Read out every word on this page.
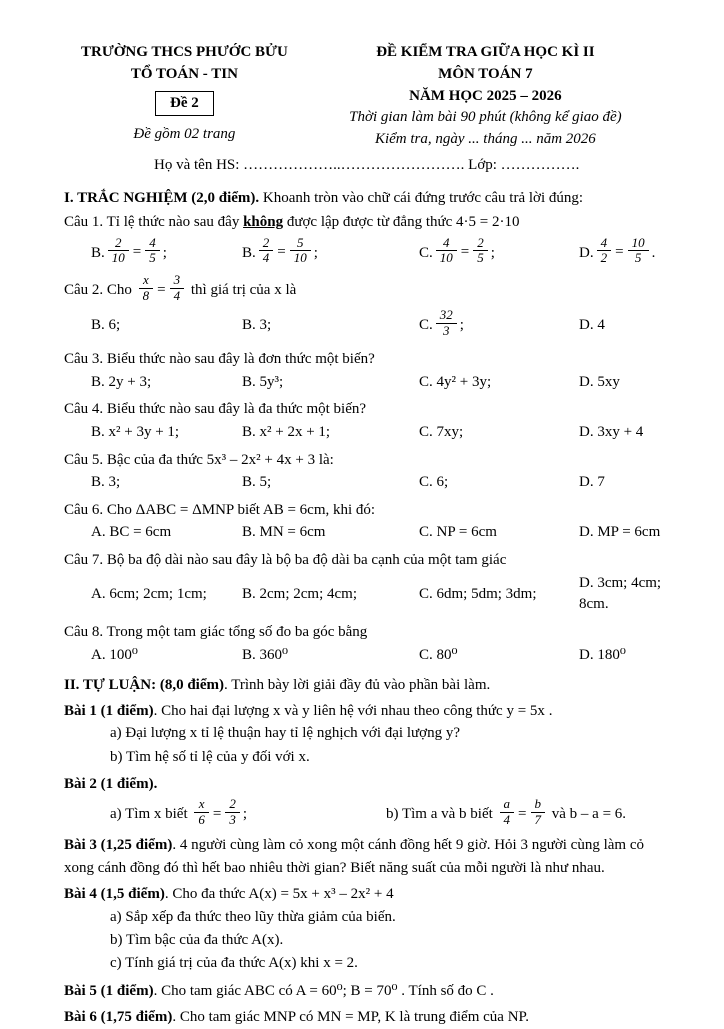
TRƯỜNG THCS PHƯỚC BỬU
TỔ TOÁN - TIN
Đề 2
Đề gồm 02 trang
ĐỀ KIỂM TRA GIỮA HỌC KÌ II
MÔN TOÁN 7
NĂM HỌC 2025 – 2026
Thời gian làm bài 90 phút (không kể giao đề)
Kiểm tra, ngày ... tháng ... năm 2026
Họ và tên HS: ………………..……………………. Lớp: …………….
I. TRẮC NGHIỆM (2,0 điểm). Khoanh tròn vào chữ cái đứng trước câu trả lời đúng:
Câu 1. Tỉ lệ thức nào sau đây không được lập được từ đẳng thức 4·5 = 2·10
B. $\frac{2}{10} = \frac{4}{5}$ ;	B. $\frac{2}{4} = \frac{5}{10}$ ;	C. $\frac{4}{10} = \frac{2}{5}$ ;	D. $\frac{4}{2} = \frac{10}{5}$ .
Câu 2. Cho $\frac{x}{8} = \frac{3}{4}$ thì giá trị của x là
B. 6;	B. 3;	C. $\frac{32}{3}$ ;	D. 4
Câu 3. Biểu thức nào sau đây là đơn thức một biến?
B. 2y + 3;	B. 5y³;	C. 4y² + 3y;	D. 5xy
Câu 4. Biểu thức nào sau đây là đa thức một biến?
B. x² + 3y + 1;	B. x² + 2x + 1;	C. 7xy;	D. 3xy + 4
Câu 5. Bậc của đa thức 5x³ – 2x² + 4x + 3 là:
B. 3;	B. 5;	C. 6;	D. 7
Câu 6. Cho ΔABC = ΔMNP biết AB = 6cm, khi đó:
A. BC = 6cm	B. MN = 6cm	C. NP = 6cm	D. MP = 6cm
Câu 7. Bộ ba độ dài nào sau đây là bộ ba độ dài ba cạnh của một tam giác
A. 6cm; 2cm; 1cm;	B. 2cm; 2cm; 4cm;	C. 6dm; 5dm; 3dm;
D. 3cm; 4cm; 8cm.
Câu 8. Trong một tam giác tổng số đo ba góc bằng
A. 100⁰	B. 360⁰	C. 80⁰	D. 180⁰
II. TỰ LUẬN: (8,0 điểm). Trình bày lời giải đầy đủ vào phần bài làm.
Bài 1 (1 điểm). Cho hai đại lượng x và y liên hệ với nhau theo công thức y = 5x .
a) Đại lượng x tỉ lệ thuận hay tỉ lệ nghịch với đại lượng y?
b) Tìm hệ số tỉ lệ của y đối với x.
Bài 2 (1 điểm).
a) Tìm x biết $\frac{x}{6} = \frac{2}{3}$ ;	b) Tìm a và b biết $\frac{a}{4} = \frac{b}{7}$ và b – a = 6.
Bài 3 (1,25 điểm). 4 người cùng làm cỏ xong một cánh đồng hết 9 giờ. Hỏi 3 người cùng làm cỏ xong cánh đồng đó thì hết bao nhiêu thời gian? Biết năng suất của mỗi người là như nhau.
Bài 4 (1,5 điểm). Cho đa thức A(x) = 5x + x³ – 2x² + 4
a) Sắp xếp đa thức theo lũy thừa giảm của biến.
b) Tìm bậc của đa thức A(x).
c) Tính giá trị của đa thức A(x) khi x = 2.
Bài 5 (1 điểm). Cho tam giác ABC có A = 60⁰; B = 70⁰ . Tính số đo C .
Bài 6 (1,75 điểm). Cho tam giác MNP có MN = MP, K là trung điểm của NP.
